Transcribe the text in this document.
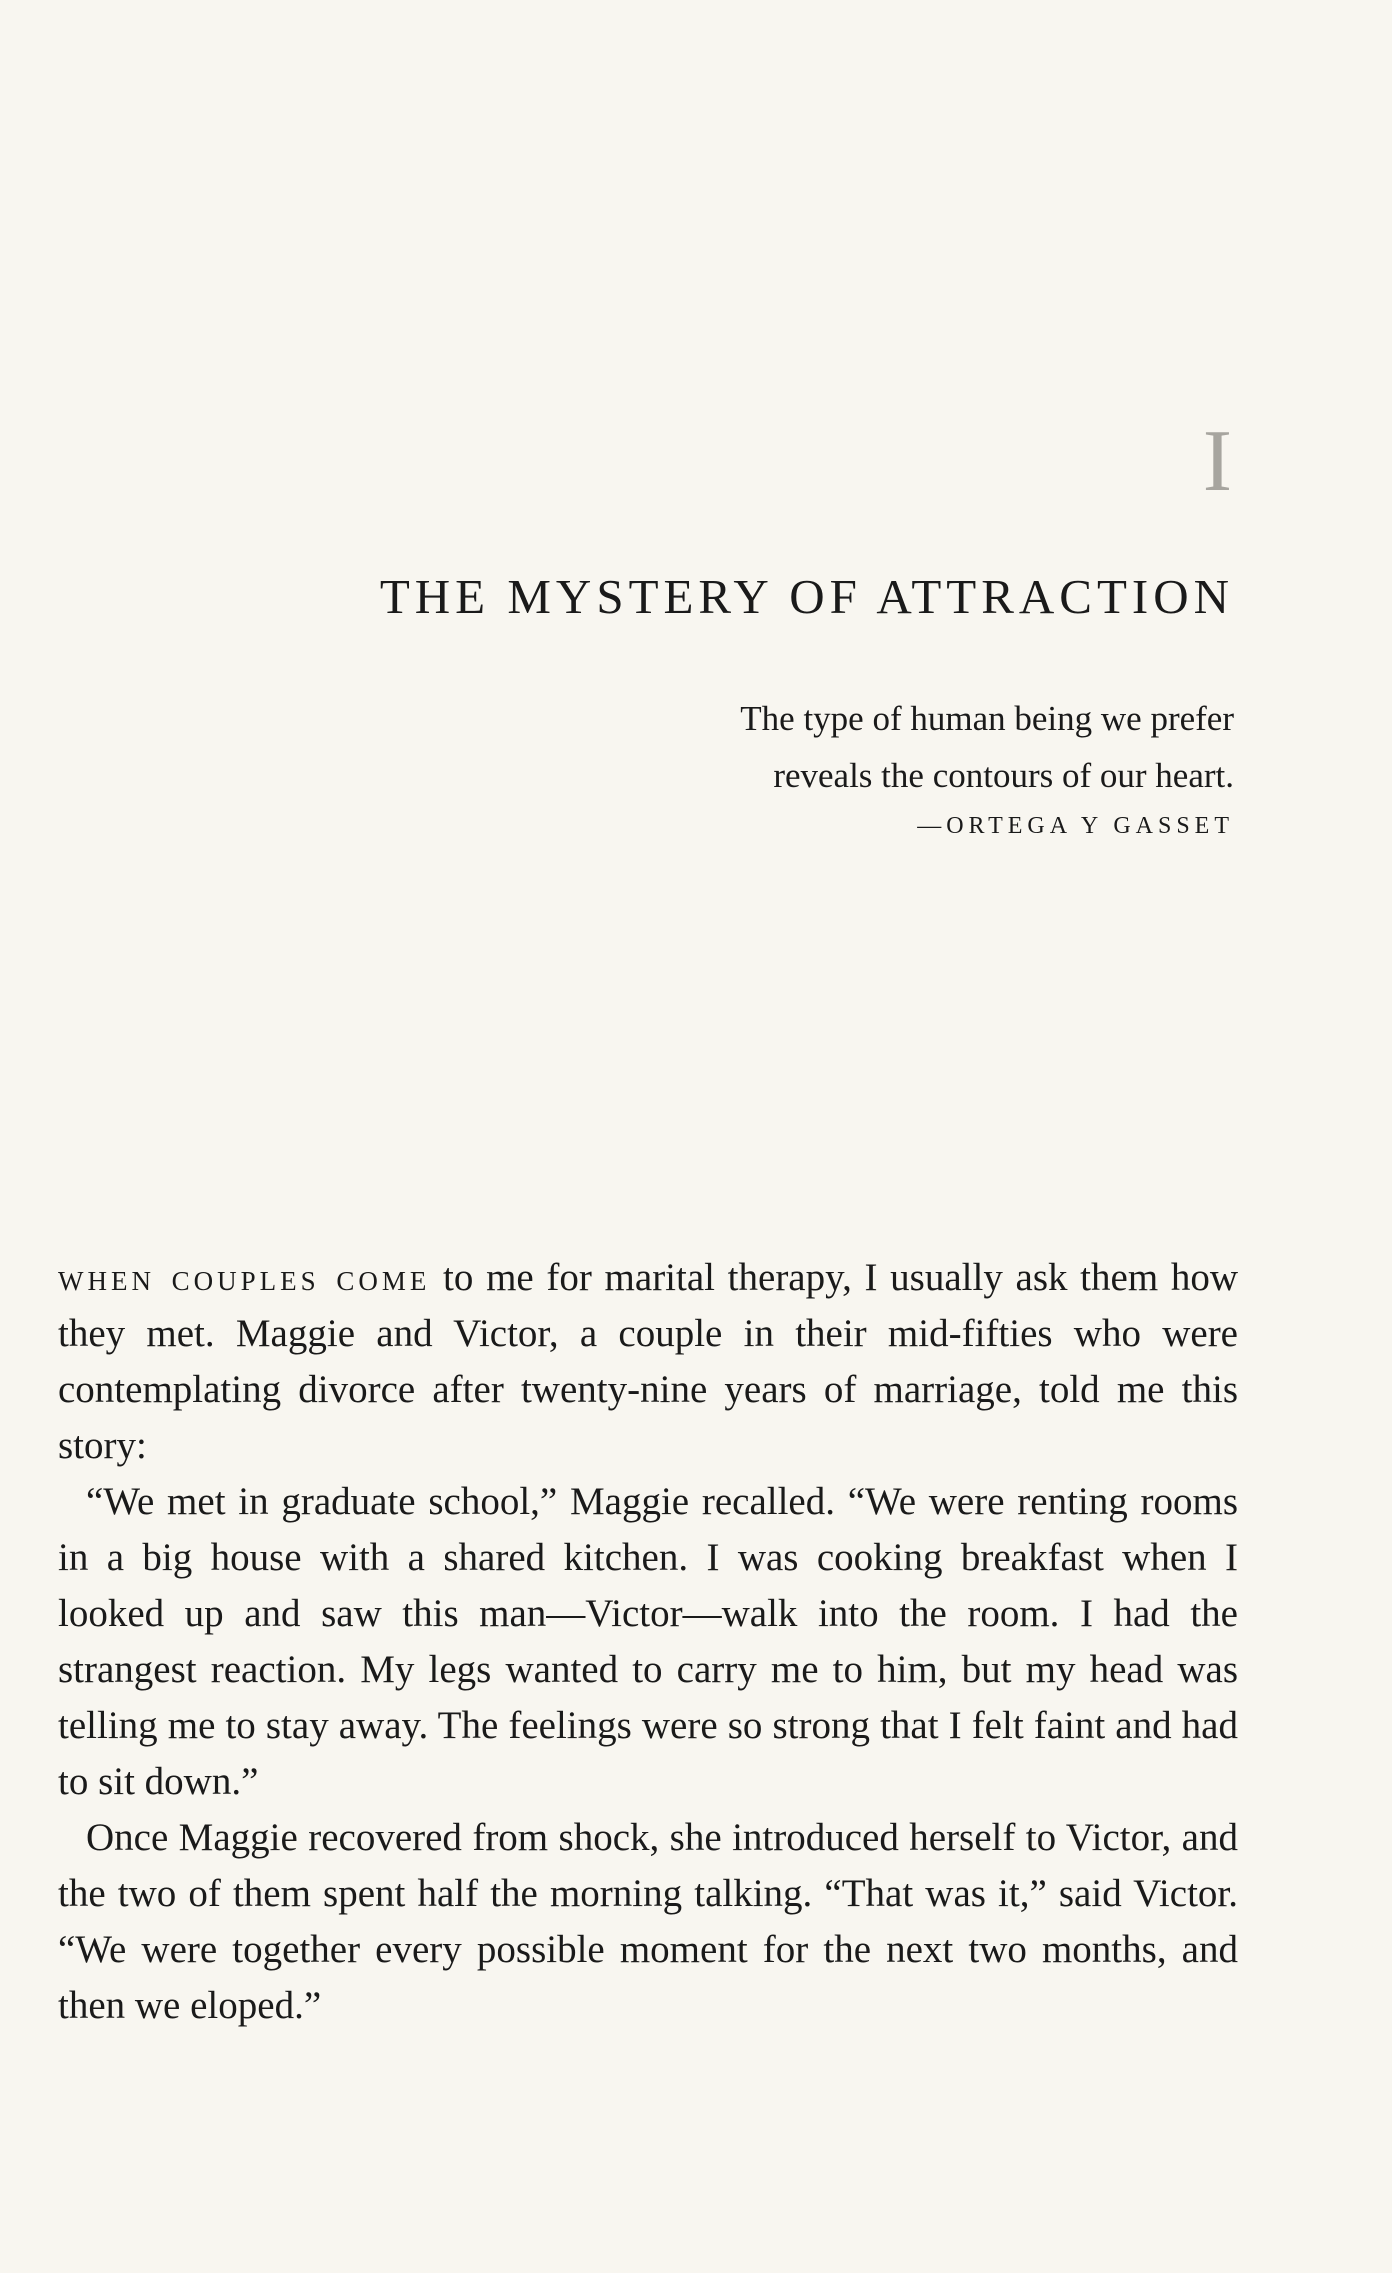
I
THE MYSTERY OF ATTRACTION
The type of human being we prefer
reveals the contours of our heart.
—ORTEGA Y GASSET

when couples come to me for marital therapy, I usually ask them how they met. Maggie and Victor, a couple in their mid-fifties who were contemplating divorce after twenty-nine years of marriage, told me this story:

“We met in graduate school,” Maggie recalled. “We were renting rooms in a big house with a shared kitchen. I was cooking breakfast when I looked up and saw this man—Victor—walk into the room. I had the strangest reaction. My legs wanted to carry me to him, but my head was telling me to stay away. The feelings were so strong that I felt faint and had to sit down.”

Once Maggie recovered from shock, she introduced herself to Victor, and the two of them spent half the morning talking. “That was it,” said Victor. “We were together every possible moment for the next two months, and then we eloped.”
